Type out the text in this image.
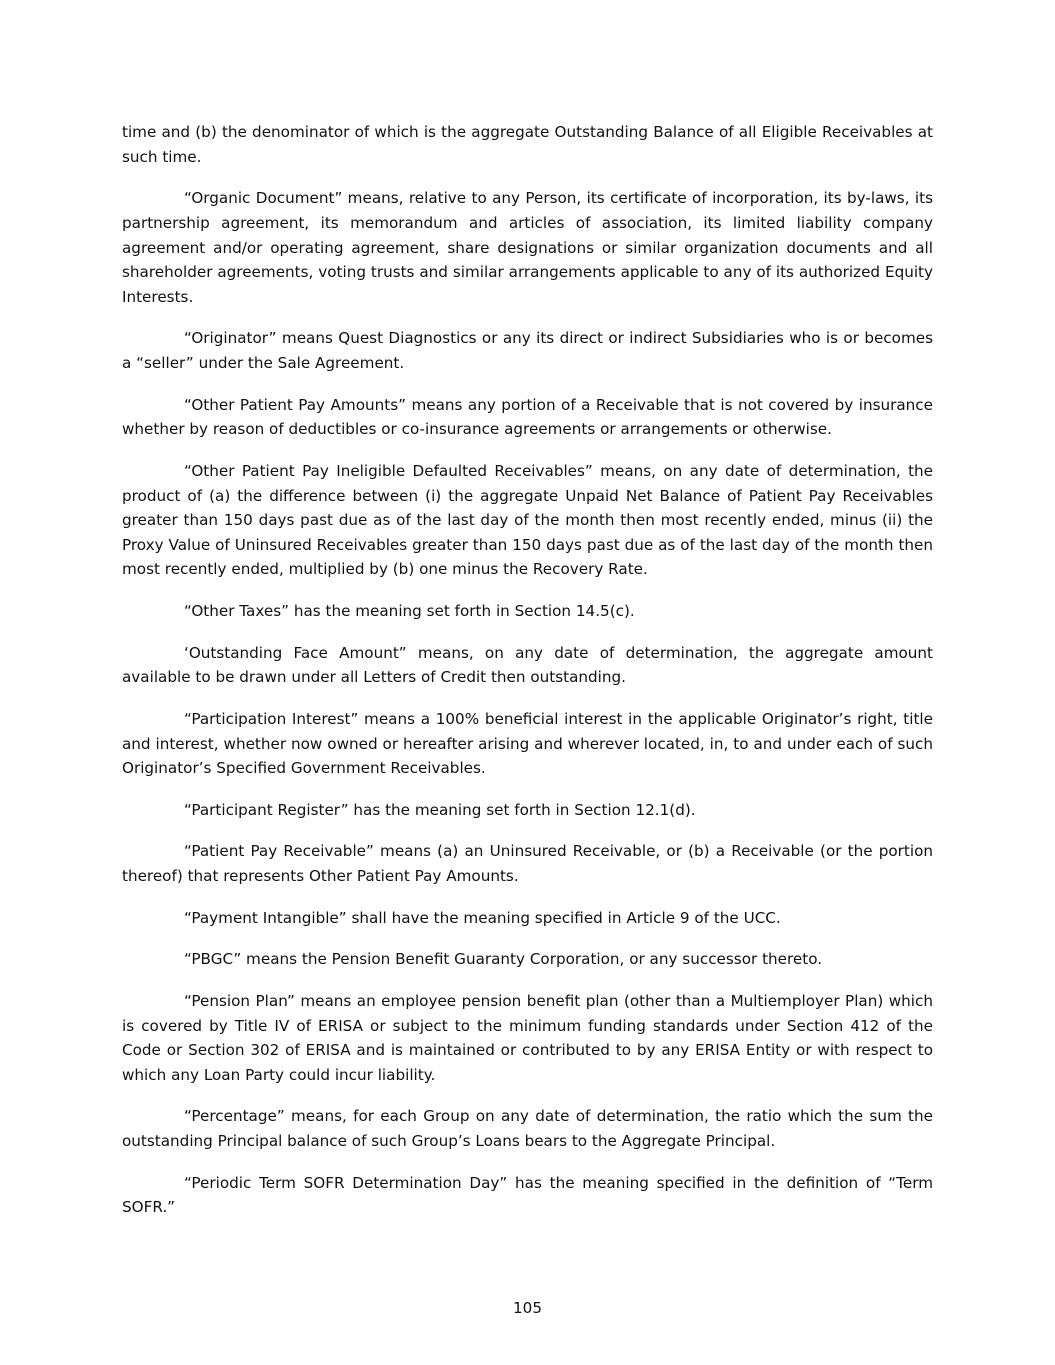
time and (b) the denominator of which is the aggregate Outstanding Balance of all Eligible Receivables at such time.

“Organic Document” means, relative to any Person, its certificate of incorporation, its by-laws, its partnership agreement, its memorandum and articles of association, its limited liability company agreement and/or operating agreement, share designations or similar organization documents and all shareholder agreements, voting trusts and similar arrangements applicable to any of its authorized Equity Interests.

“Originator” means Quest Diagnostics or any its direct or indirect Subsidiaries who is or becomes a “seller” under the Sale Agreement.

“Other Patient Pay Amounts” means any portion of a Receivable that is not covered by insurance whether by reason of deductibles or co-insurance agreements or arrangements or otherwise.

“Other Patient Pay Ineligible Defaulted Receivables” means, on any date of determination, the product of (a) the difference between (i) the aggregate Unpaid Net Balance of Patient Pay Receivables greater than 150 days past due as of the last day of the month then most recently ended, minus (ii) the Proxy Value of Uninsured Receivables greater than 150 days past due as of the last day of the month then most recently ended, multiplied by (b) one minus the Recovery Rate.

“Other Taxes” has the meaning set forth in Section 14.5(c).

‘Outstanding Face Amount” means, on any date of determination, the aggregate amount available to be drawn under all Letters of Credit then outstanding.

“Participation Interest” means a 100% beneficial interest in the applicable Originator’s right, title and interest, whether now owned or hereafter arising and wherever located, in, to and under each of such Originator’s Specified Government Receivables.

“Participant Register” has the meaning set forth in Section 12.1(d).

“Patient Pay Receivable” means (a) an Uninsured Receivable, or (b) a Receivable (or the portion thereof) that represents Other Patient Pay Amounts.

“Payment Intangible” shall have the meaning specified in Article 9 of the UCC.

“PBGC” means the Pension Benefit Guaranty Corporation, or any successor thereto.

“Pension Plan” means an employee pension benefit plan (other than a Multiemployer Plan) which is covered by Title IV of ERISA or subject to the minimum funding standards under Section 412 of the Code or Section 302 of ERISA and is maintained or contributed to by any ERISA Entity or with respect to which any Loan Party could incur liability.

“Percentage” means, for each Group on any date of determination, the ratio which the sum the outstanding Principal balance of such Group’s Loans bears to the Aggregate Principal.

“Periodic Term SOFR Determination Day” has the meaning specified in the definition of “Term SOFR.”

105
